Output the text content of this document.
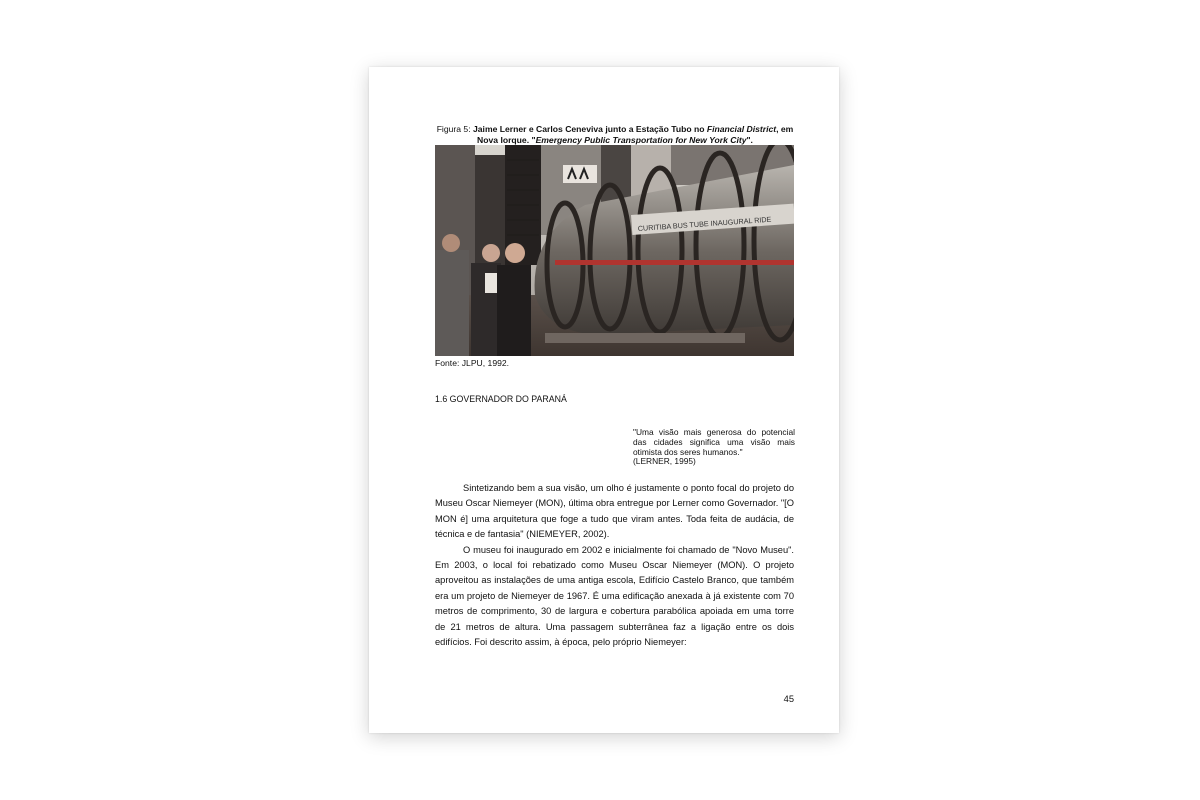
Figura 5: Jaime Lerner e Carlos Ceneviva junto a Estação Tubo no Financial District, em Nova Iorque. "Emergency Public Transportation for New York City".
CURITIBA BUS TUBE INAUGURAL RIDE
Fonte: JLPU, 1992.
1.6 GOVERNADOR DO PARANÁ
"Uma visão mais generosa do potencial das cidades significa uma visão mais otimista dos seres humanos."
(LERNER, 1995)

Sintetizando bem a sua visão, um olho é justamente o ponto focal do projeto do Museu Oscar Niemeyer (MON), última obra entregue por Lerner como Governador. "[O MON é] uma arquitetura que foge a tudo que viram antes. Toda feita de audácia, de técnica e de fantasia" (NIEMEYER, 2002).

O museu foi inaugurado em 2002 e inicialmente foi chamado de "Novo Museu". Em 2003, o local foi rebatizado como Museu Oscar Niemeyer (MON). O projeto aproveitou as instalações de uma antiga escola, Edifício Castelo Branco, que também era um projeto de Niemeyer de 1967. É uma edificação anexada à já existente com 70 metros de comprimento, 30 de largura e cobertura parabólica apoiada em uma torre de 21 metros de altura. Uma passagem subterrânea faz a ligação entre os dois edifícios. Foi descrito assim, à época, pelo próprio Niemeyer:

45
